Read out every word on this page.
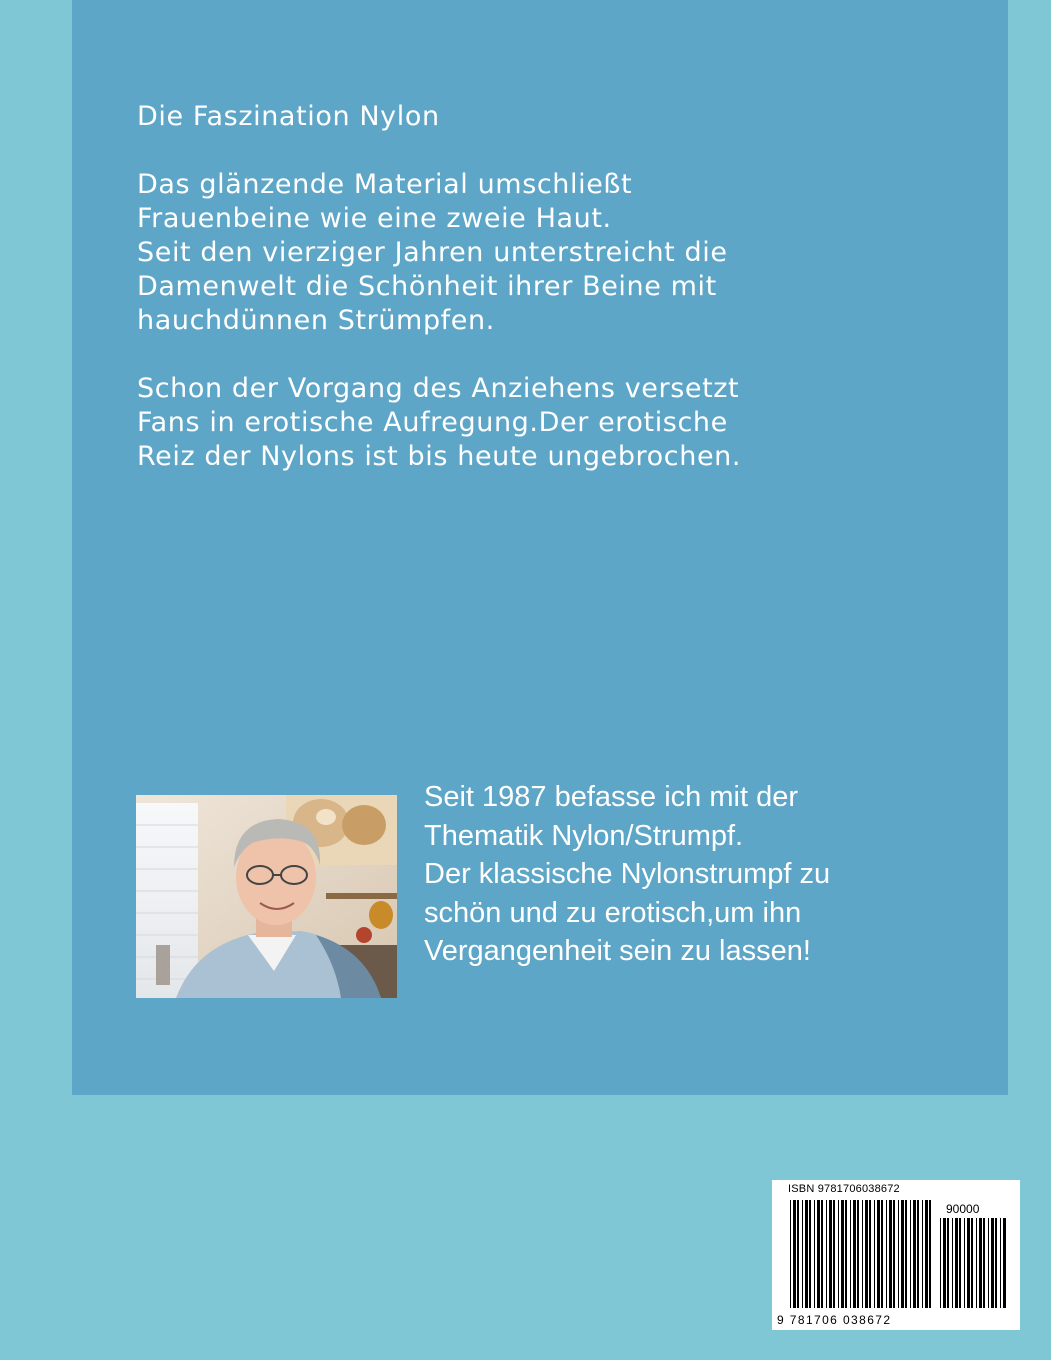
Die Faszination Nylon

Das glänzende Material umschließt

Frauenbeine wie eine zweie Haut.

Seit den vierziger Jahren unterstreicht die

Damenwelt die Schönheit ihrer Beine mit

hauchdünnen Strümpfen.

Schon der Vorgang des Anziehens versetzt

Fans in erotische Aufregung.Der erotische

Reiz der Nylons ist bis heute ungebrochen.

Seit 1987 befasse ich mit der

Thematik Nylon/Strumpf.

Der klassische Nylonstrumpf zu

schön und zu erotisch,um ihn

Vergangenheit sein zu lassen!

ISBN 9781706038672
90000
9 781706 038672
